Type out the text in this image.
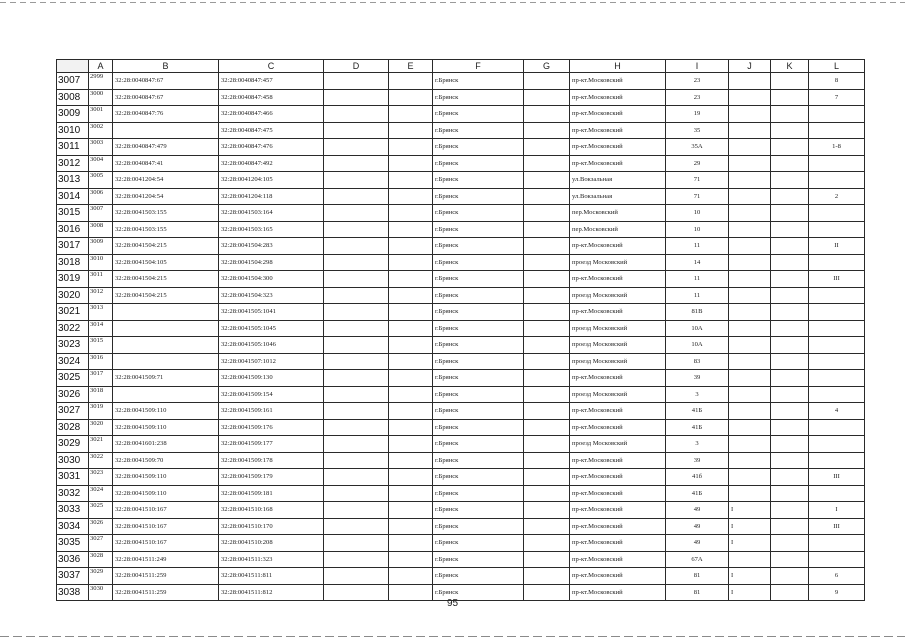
	A	B	C	D	E	F	G	H	I	J	K	L
3007	2999	32:28:0040847:67	32:28:0040847:457			г.Брянск		пр-кт.Московский	23			8
3008	3000	32:28:0040847:67	32:28:0040847:458			г.Брянск		пр-кт.Московский	23			7
3009	3001	32:28:0040847:76	32:28:0040847:466			г.Брянск		пр-кт.Московский	19			
3010	3002		32:28:0040847:475			г.Брянск		пр-кт.Московский	35			
3011	3003	32:28:0040847:479	32:28:0040847:476			г.Брянск		пр-кт.Московский	35А			1-8
3012	3004	32:28:0040847:41	32:28:0040847:492			г.Брянск		пр-кт.Московский	29			
3013	3005	32:28:0041204:54	32:28:0041204:105			г.Брянск		ул.Вокзальная	71			
3014	3006	32:28:0041204:54	32:28:0041204:118			г.Брянск		ул.Вокзальная	71			2
3015	3007	32:28:0041503:155	32:28:0041503:164			г.Брянск		пер.Московский	10			
3016	3008	32:28:0041503:155	32:28:0041503:165			г.Брянск		пер.Московский	10			
3017	3009	32:28:0041504:215	32:28:0041504:283			г.Брянск		пр-кт.Московский	11			II
3018	3010	32:28:0041504:105	32:28:0041504:298			г.Брянск		проезд Московский	14			
3019	3011	32:28:0041504:215	32:28:0041504:300			г.Брянск		пр-кт.Московский	11			III
3020	3012	32:28:0041504:215	32:28:0041504:323			г.Брянск		проезд Московский	11			
3021	3013		32:28:0041505:1041			г.Брянск		пр-кт.Московский	81В			
3022	3014		32:28:0041505:1045			г.Брянск		проезд Московский	10А			
3023	3015		32:28:0041505:1046			г.Брянск		проезд Московский	10А			
3024	3016		32:28:0041507:1012			г.Брянск		проезд Московский	83			
3025	3017	32:28:0041509:71	32:28:0041509:130			г.Брянск		пр-кт.Московский	39			
3026	3018		32:28:0041509:154			г.Брянск		проезд Московский	3			
3027	3019	32:28:0041509:110	32:28:0041509:161			г.Брянск		пр-кт.Московский	41Б			4
3028	3020	32:28:0041509:110	32:28:0041509:176			г.Брянск		пр-кт.Московский	41Б			
3029	3021	32:28:0041601:238	32:28:0041509:177			г.Брянск		проезд Московский	3			
3030	3022	32:28:0041509:70	32:28:0041509:178			г.Брянск		пр-кт.Московский	39			
3031	3023	32:28:0041509:110	32:28:0041509:179			г.Брянск		пр-кт.Московский	41б			III
3032	3024	32:28:0041509:110	32:28:0041509:181			г.Брянск		пр-кт.Московский	41Б			
3033	3025	32:28:0041510:167	32:28:0041510:168			г.Брянск		пр-кт.Московский	49	I		I
3034	3026	32:28:0041510:167	32:28:0041510:170			г.Брянск		пр-кт.Московский	49	I		III
3035	3027	32:28:0041510:167	32:28:0041510:208			г.Брянск		пр-кт.Московский	49	I		
3036	3028	32:28:0041511:249	32:28:0041511:323			г.Брянск		пр-кт.Московский	67А			
3037	3029	32:28:0041511:259	32:28:0041511:811			г.Брянск		пр-кт.Московский	81	I		6
3038	3030	32:28:0041511:259	32:28:0041511:812			г.Брянск		пр-кт.Московский	81	I		9
95
